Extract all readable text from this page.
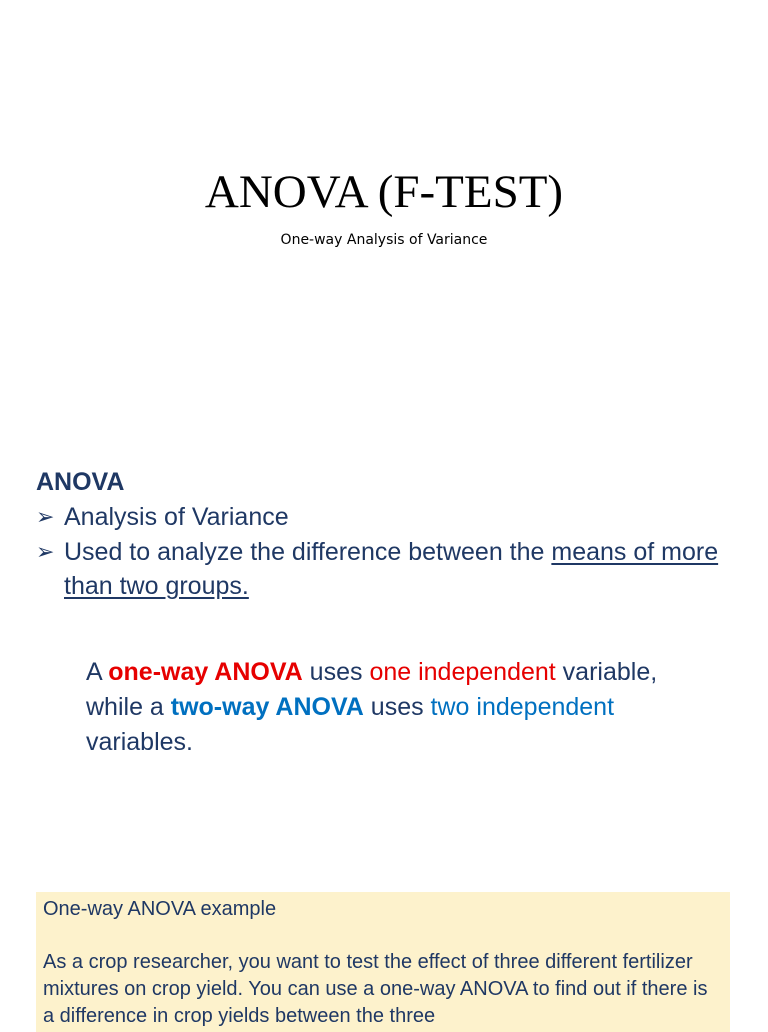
ANOVA (F-TEST)

One-way Analysis of Variance

ANOVA
➢ Analysis of Variance
➢ Used to analyze the difference between the means of more than two groups.

A one-way ANOVA uses one independent variable, while a two-way ANOVA uses two independent variables.

One-way ANOVA example

As a crop researcher, you want to test the effect of three different fertilizer mixtures on crop yield. You can use a one-way ANOVA to find out if there is a difference in crop yields between the three
